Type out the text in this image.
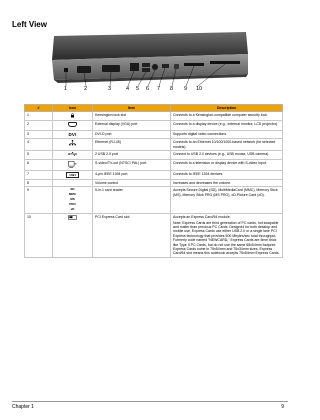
Left View
1	2	3	4 5 6 7 8 9 10
#	Icon	Item	Description
1		Kensington lock slot	Connects to a Kensington-compatible computer security lock.
2		External display (VGA) port	Connects to a display device (e.g., external monitor, LCD projector).
3	DVI	DVI-D port	Supports digital video connections.
4		Ethernet (RJ-45)	Connects to an Ethernet 10/100/1000-based network (for selected models).
5		2 USB 2.0 port	Connect to USB 2.0 devices (e.g., USB mouse, USB camera).
6		S-video/TV-out (NTSC/ PAL) port	Connects to a television or display device with S-video input.
7	1394	4-pin IEEE 1394 port	Connects to IEEE 1394 devices.
8		Volume control	Increases and decreases the volume.
9	SD
MMC
MS
PRO
xD	5-in-1 card reader	Accepts Secure Digital (SD), MultiMediaCard (MMC), Memory Stick (MS), Memory Stick PRO (MS PRO), xD-Picture Card (xD).
10		PCI Express Card slot	Accepts an Express Card/54 module.
Note: Express Cards are third generation of PC cards, hot swapable and maller than previous PC Cards. Designed for both desktop and mobile use, Express Cards use either USB 2.0 or a single lane PCI Express technology that provides 500 Mbytes/sec total throughput. Formerly code named "NEWCARD," Express Cards are 5mm thick like Type II PC Cards, but do not use the same 68x54mm footprint. Express Cards come in 75x54mm and 75x34mm sizes. Express Card/54 slot means this notebook accepts 75x54mm Express Cards.
Chapter 1	9
